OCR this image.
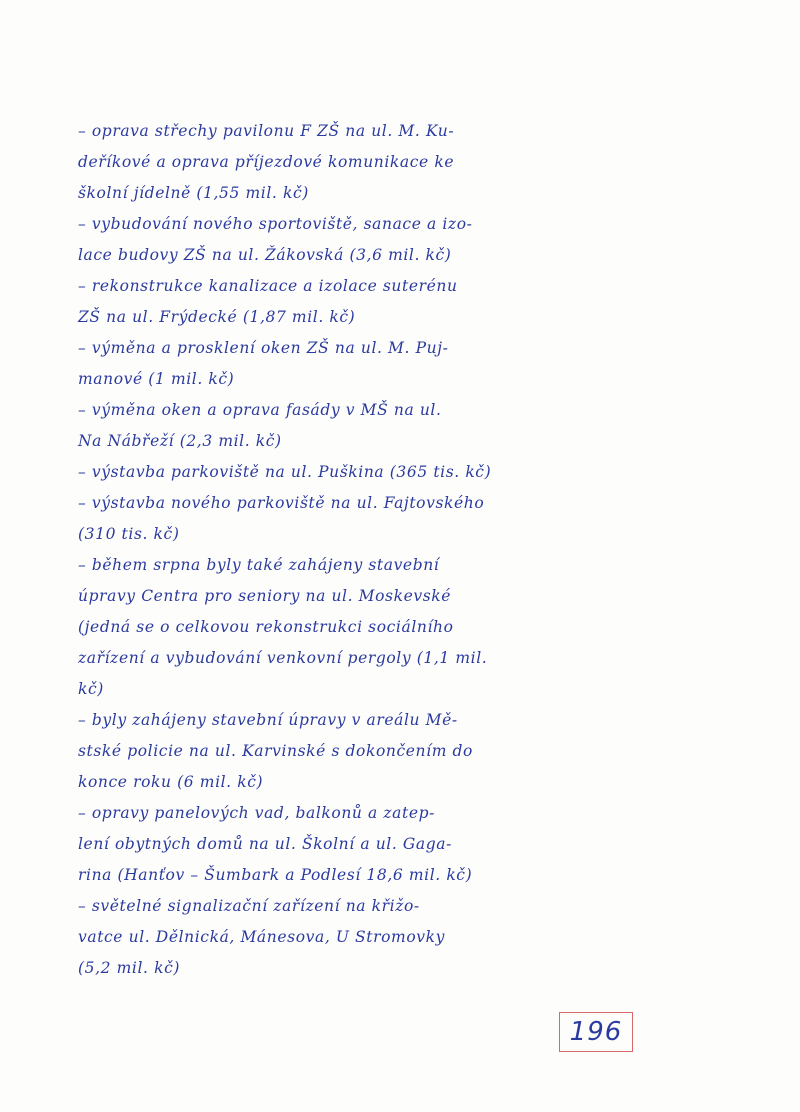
– oprava střechy pavilonu F ZŠ na ul. M. Ku-
deříkové a oprava příjezdové komunikace ke
školní jídelně (1,55 mil. kč)
– vybudování nového sportoviště, sanace a izo-
lace budovy ZŠ na ul. Žákovská (3,6 mil. kč)
– rekonstrukce kanalizace a izolace suterénu
ZŠ na ul. Frýdecké (1,87 mil. kč)
– výměna a prosklení oken ZŠ na ul. M. Puj-
manové (1 mil. kč)
– výměna oken a oprava fasády v MŠ na ul.
Na Nábřeží (2,3 mil. kč)
– výstavba parkoviště na ul. Puškina (365 tis. kč)
– výstavba nového parkoviště na ul. Fajtovského
(310 tis. kč)
– během srpna byly také zahájeny stavební
úpravy Centra pro seniory na ul. Moskevské
(jedná se o celkovou rekonstrukci sociálního
zařízení a vybudování venkovní pergoly (1,1 mil.
kč)
– byly zahájeny stavební úpravy v areálu Mě-
stské policie na ul. Karvinské s dokončením do
konce roku (6 mil. kč)
– opravy panelových vad, balkonů a zatep-
lení obytných domů na ul. Školní a ul. Gaga-
rina (Hanťov – Šumbark a Podlesí 18,6 mil. kč)
– světelné signalizační zařízení na křižo-
vatce ul. Dělnická, Mánesova, U Stromovky
(5,2 mil. kč)
196
